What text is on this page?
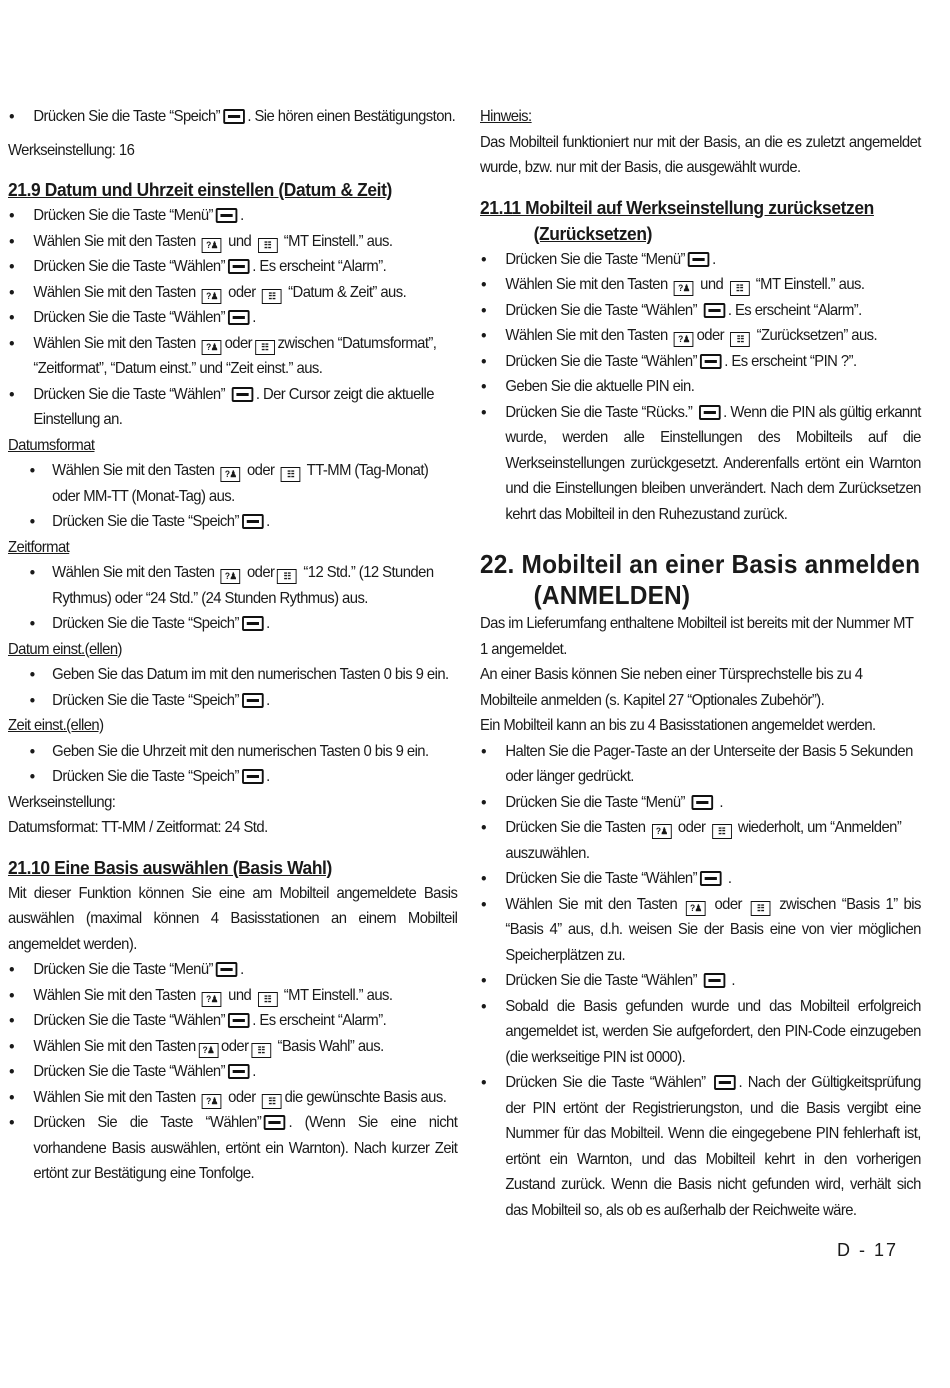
• Drücken Sie die Taste “Speich” . Sie hören einen Bestätigungston.

Werkseinstellung: 16

21.9 Datum und Uhrzeit einstellen (Datum & Zeit)

• Drücken Sie die Taste “Menü” .

• Wählen Sie mit den Tasten ?♟ und ☷ “MT Einstell.” aus.

• Drücken Sie die Taste “Wählen” . Es erscheint “Alarm”.

• Wählen Sie mit den Tasten ?♟ oder ☷ “Datum & Zeit” aus.

• Drücken Sie die Taste “Wählen” .

• Wählen Sie mit den Tasten ?♟ oder ☷ zwischen “Datumsformat”,

“Zeitformat”, “Datum einst.” und “Zeit einst.” aus.

• Drücken Sie die Taste “Wählen” . Der Cursor zeigt die aktuelle

Einstellung an.

Datumsformat

• Wählen Sie mit den Tasten ?♟ oder ☷ TT-MM (Tag-Monat)

oder MM-TT (Monat-Tag) aus.

• Drücken Sie die Taste “Speich” .

Zeitformat

• Wählen Sie mit den Tasten ?♟ oder ☷ “12 Std.” (12 Stunden

Rythmus) oder “24 Std.” (24 Stunden Rythmus) aus.

• Drücken Sie die Taste “Speich” .

Datum einst.(ellen)

• Geben Sie das Datum im mit den numerischen Tasten 0 bis 9 ein.

• Drücken Sie die Taste “Speich” .

Zeit einst.(ellen)

• Geben Sie die Uhrzeit mit den numerischen Tasten 0 bis 9 ein.

• Drücken Sie die Taste “Speich” .

Werkseinstellung:

Datumsformat: TT-MM / Zeitformat: 24 Std.

21.10 Eine Basis auswählen (Basis Wahl)

Mit dieser Funktion können Sie eine am Mobilteil angemeldete Basis auswählen (maximal können 4 Basisstationen an einem Mobilteil angemeldet werden).

• Drücken Sie die Taste “Menü” .

• Wählen Sie mit den Tasten ?♟ und ☷ “MT Einstell.” aus.

• Drücken Sie die Taste “Wählen” . Es erscheint “Alarm”.

• Wählen Sie mit den Tasten ?♟ oder ☷ “Basis Wahl” aus.

• Drücken Sie die Taste “Wählen” .

• Wählen Sie mit den Tasten ?♟ oder ☷ die gewünschte Basis aus.

• Drücken Sie die Taste “Wählen” . (Wenn Sie eine nicht vorhandene Basis auswählen, ertönt ein Warnton). Nach kurzer Zeit ertönt zur Bestätigung eine Tonfolge.

Hinweis:

Das Mobilteil funktioniert nur mit der Basis, an die es zuletzt angemeldet wurde, bzw. nur mit der Basis, die ausgewählt wurde.

21.11 Mobilteil auf Werkseinstellung zurücksetzen

(Zurücksetzen)

• Drücken Sie die Taste “Menü” .

• Wählen Sie mit den Tasten ?♟ und ☷ “MT Einstell.” aus.

• Drücken Sie die Taste “Wählen” . Es erscheint “Alarm”.

• Wählen Sie mit den Tasten ?♟ oder ☷ “Zurücksetzen” aus.

• Drücken Sie die Taste “Wählen” . Es erscheint “PIN ?”.

• Geben Sie die aktuelle PIN ein.

• Drücken Sie die Taste “Rücks.” . Wenn die PIN als gültig erkannt wurde, werden alle Einstellungen des Mobilteils auf die Werkseinstellungen zurückgesetzt. Anderenfalls ertönt ein Warnton und die Einstellungen bleiben unverändert. Nach dem Zurücksetzen kehrt das Mobilteil in den Ruhezustand zurück.

22. Mobilteil an einer Basis anmelden

(ANMELDEN)

Das im Lieferumfang enthaltene Mobilteil ist bereits mit der Nummer MT 1 angemeldet.

An einer Basis können Sie neben einer Türsprechstelle bis zu 4 Mobilteile anmelden (s. Kapitel 27 “Optionales Zubehör”).

Ein Mobilteil kann an bis zu 4 Basisstationen angemeldet werden.

• Halten Sie die Pager-Taste an der Unterseite der Basis 5 Sekunden oder länger gedrückt.

• Drücken Sie die Taste “Menü” .

• Drücken Sie die Tasten ?♟ oder ☷ wiederholt, um “Anmelden” auszuwählen.

• Drücken Sie die Taste “Wählen” .

• Wählen Sie mit den Tasten ?♟ oder ☷ zwischen “Basis 1” bis “Basis 4” aus, d.h. weisen Sie der Basis eine von vier möglichen Speicherplätzen zu.

• Drücken Sie die Taste “Wählen” .

• Sobald die Basis gefunden wurde und das Mobilteil erfolgreich angemeldet ist, werden Sie aufgefordert, den PIN-Code einzugeben (die werkseitige PIN ist 0000).

• Drücken Sie die Taste “Wählen” . Nach der Gültigkeitsprüfung der PIN ertönt der Registrierungston, und die Basis vergibt eine Nummer für das Mobilteil. Wenn die eingegebene PIN fehlerhaft ist, ertönt ein Warnton, und das Mobilteil kehrt in den vorherigen Zustand zurück. Wenn die Basis nicht gefunden wird, verhält sich das Mobilteil so, als ob es außerhalb der Reichweite wäre.

D - 17
